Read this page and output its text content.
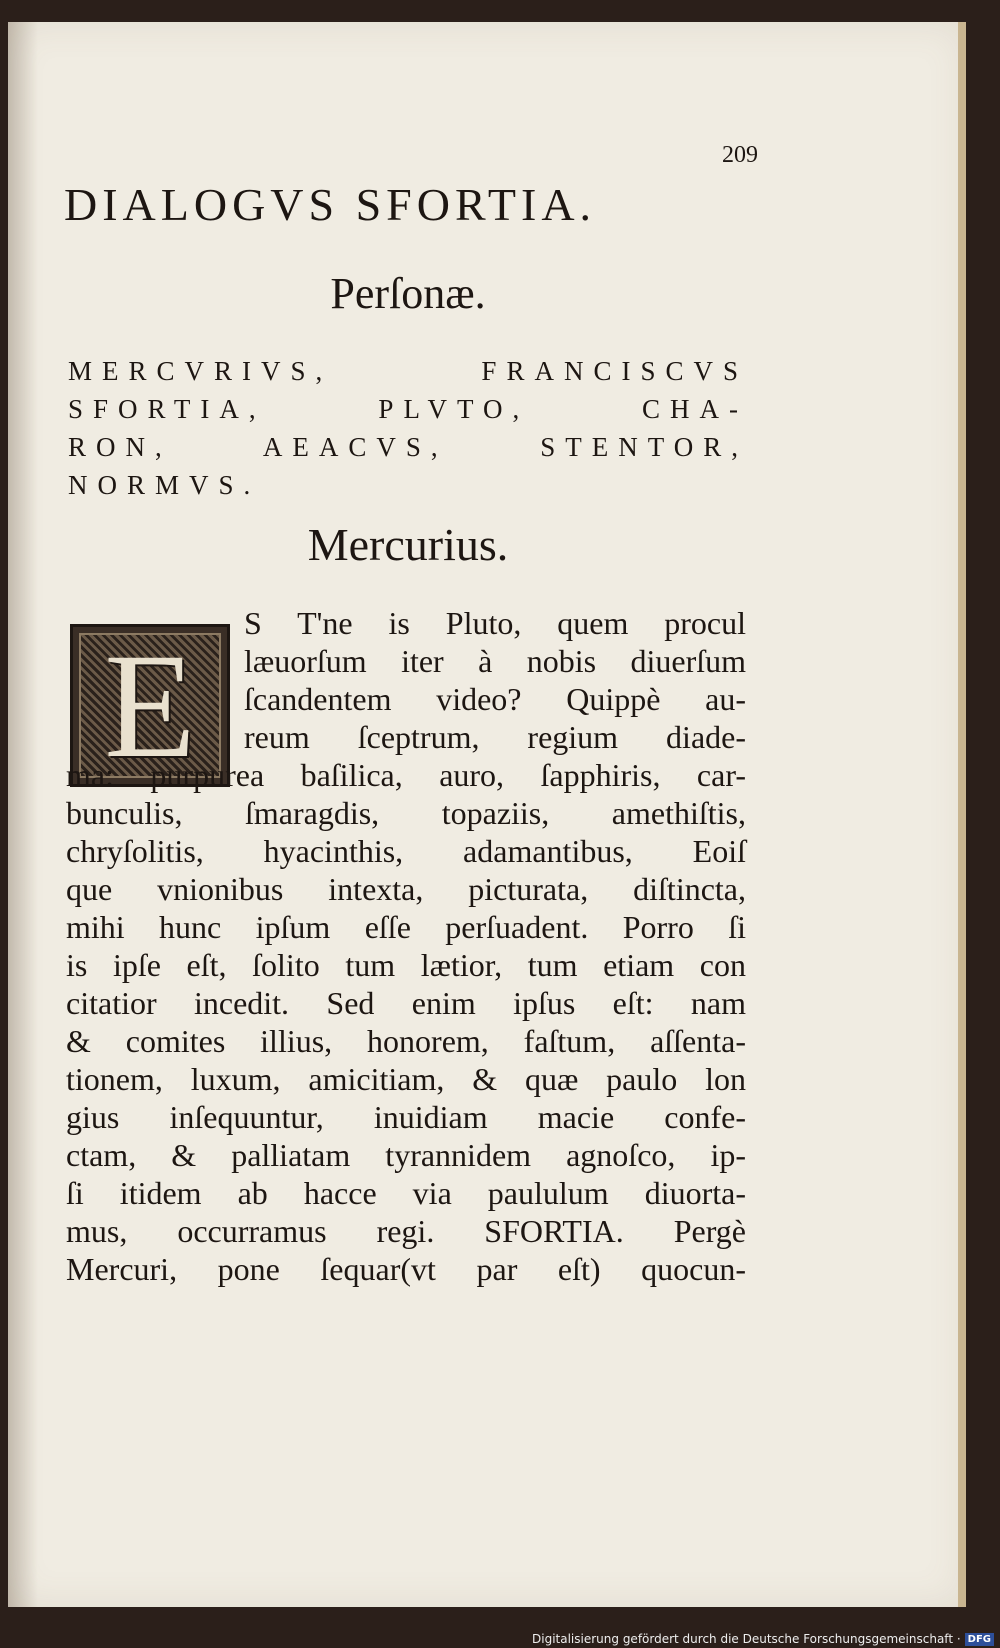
209
DIALOGVS SFORTIA.
Perſonæ.
MERCVRIVS, FRANCISCVS
SFORTIA, PLVTO, CHA-
RON, AEACVS, STENTOR,
NORMVS.
Mercurius.
E S T'ne is Pluto, quem procul
læuorſum iter à nobis diuerſum
ſcandentem video? Quippè au-
reum ſceptrum, regium diade-
ma: purpurea baſilica, auro, ſapphiris, car-
bunculis, ſmaragdis, topaziis, amethiſtis,
chryſolitis, hyacinthis, adamantibus, Eoiſ
que vnionibus intexta, picturata, diſtincta,
mihi hunc ipſum eſſe perſuadent. Porro ſi
is ipſe eſt, ſolito tum lætior, tum etiam con
citatior incedit. Sed enim ipſus eſt: nam
& comites illius, honorem, faſtum, aſſenta-
tionem, luxum, amicitiam, & quæ paulo lon
gius inſequuntur, inuidiam macie confe-
ctam, & palliatam tyrannidem agnoſco, ip-
ſi itidem ab hacce via paululum diuorta-
mus, occurramus regi. SFORTIA. Pergè
Mercuri, pone ſequar(vt par eſt) quocun-
Digitalisierung gefördert durch die Deutsche Forschungsgemeinschaft · DFG
